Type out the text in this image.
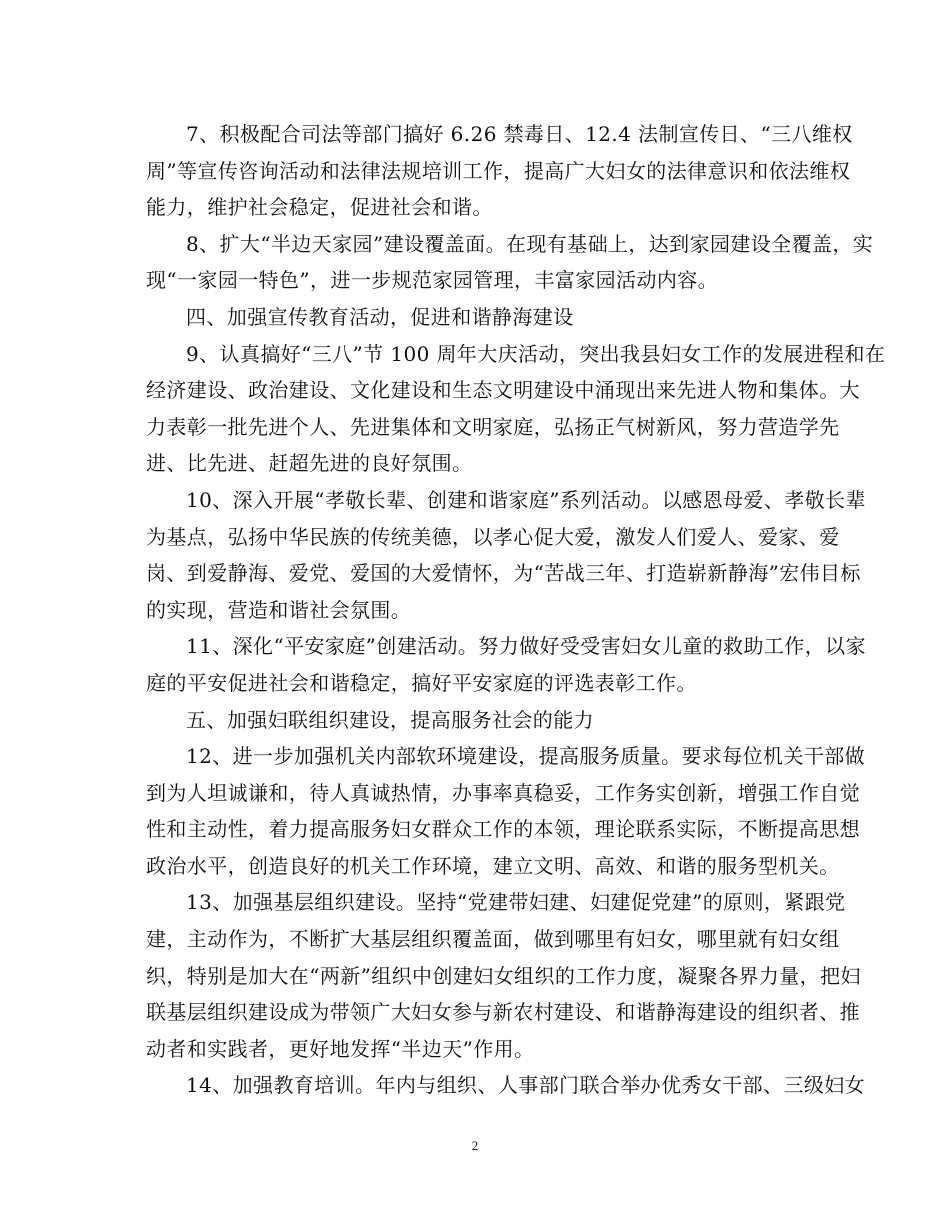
7、积极配合司法等部门搞好 6.26 禁毒日、12.4 法制宣传日、“三八维权
周”等宣传咨询活动和法律法规培训工作，提高广大妇女的法律意识和依法维权
能力，维护社会稳定，促进社会和谐。
8、扩大“半边天家园”建设覆盖面。在现有基础上，达到家园建设全覆盖，实
现“一家园一特色”，进一步规范家园管理，丰富家园活动内容。
四、加强宣传教育活动，促进和谐静海建设
9、认真搞好“三八”节 100 周年大庆活动，突出我县妇女工作的发展进程和在
经济建设、政治建设、文化建设和生态文明建设中涌现出来先进人物和集体。大
力表彰一批先进个人、先进集体和文明家庭，弘扬正气树新风，努力营造学先
进、比先进、赶超先进的良好氛围。
10、深入开展“孝敬长辈、创建和谐家庭”系列活动。以感恩母爱、孝敬长辈
为基点，弘扬中华民族的传统美德，以孝心促大爱，激发人们爱人、爱家、爱
岗、到爱静海、爱党、爱国的大爱情怀，为“苦战三年、打造崭新静海”宏伟目标
的实现，营造和谐社会氛围。
11、深化“平安家庭”创建活动。努力做好受受害妇女儿童的救助工作，以家
庭的平安促进社会和谐稳定，搞好平安家庭的评选表彰工作。
五、加强妇联组织建设，提高服务社会的能力
12、进一步加强机关内部软环境建设，提高服务质量。要求每位机关干部做
到为人坦诚谦和，待人真诚热情，办事率真稳妥，工作务实创新，增强工作自觉
性和主动性，着力提高服务妇女群众工作的本领，理论联系实际，不断提高思想
政治水平，创造良好的机关工作环境，建立文明、高效、和谐的服务型机关。
13、加强基层组织建设。坚持“党建带妇建、妇建促党建”的原则，紧跟党
建，主动作为，不断扩大基层组织覆盖面，做到哪里有妇女，哪里就有妇女组
织，特别是加大在“两新”组织中创建妇女组织的工作力度，凝聚各界力量，把妇
联基层组织建设成为带领广大妇女参与新农村建设、和谐静海建设的组织者、推
动者和实践者，更好地发挥“半边天”作用。
14、加强教育培训。年内与组织、人事部门联合举办优秀女干部、三级妇女
2
